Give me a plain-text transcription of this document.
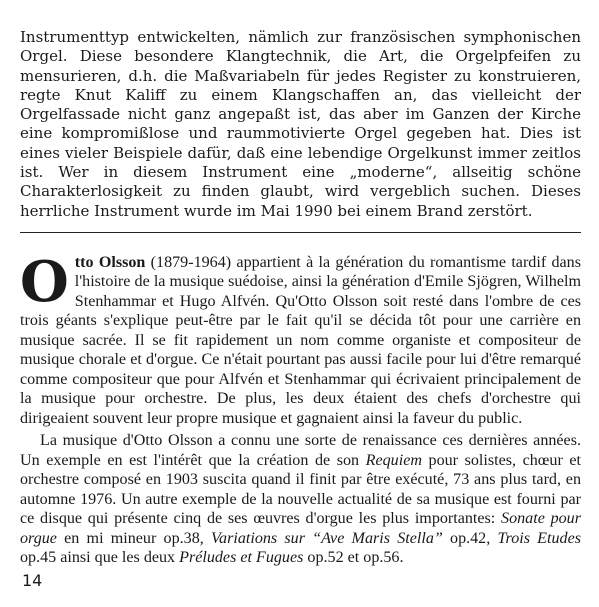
Instrumenttyp entwickelten, nämlich zur französischen symphonischen Orgel. Diese besondere Klangtechnik, die Art, die Orgelpfeifen zu mensurieren, d.h. die Maßvariabeln für jedes Register zu konstruieren, regte Knut Kaliff zu einem Klangschaffen an, das vielleicht der Orgelfassade nicht ganz angepaßt ist, das aber im Ganzen der Kirche eine kompromißlose und raummotivierte Orgel gegeben hat. Dies ist eines vieler Beispiele dafür, daß eine lebendige Orgelkunst immer zeitlos ist. Wer in diesem Instrument eine „moderne“, allseitig schöne Charakterlosigkeit zu finden glaubt, wird vergeblich suchen. Dieses herrliche Instrument wurde im Mai 1990 bei einem Brand zerstört.

Otto Olsson (1879-1964) appartient à la génération du romantisme tardif dans l'histoire de la musique suédoise, ainsi la génération d'Emile Sjögren, Wilhelm Stenhammar et Hugo Alfvén. Qu'Otto Olsson soit resté dans l'ombre de ces trois géants s'explique peut-être par le fait qu'il se décida tôt pour une carrière en musique sacrée. Il se fit rapidement un nom comme organiste et compositeur de musique chorale et d'orgue. Ce n'était pourtant pas aussi facile pour lui d'être remarqué comme compositeur que pour Alfvén et Stenhammar qui écrivaient principalement de la musique pour orchestre. De plus, les deux étaient des chefs d'orchestre qui dirigeaient souvent leur propre musique et gagnaient ainsi la faveur du public.

La musique d'Otto Olsson a connu une sorte de renaissance ces dernières années. Un exemple en est l'intérêt que la création de son Requiem pour solistes, chœur et orchestre composé en 1903 suscita quand il finit par être exécuté, 73 ans plus tard, en automne 1976. Un autre exemple de la nouvelle actualité de sa musique est fourni par ce disque qui présente cinq de ses œuvres d'orgue les plus importantes: Sonate pour orgue en mi mineur op.38, Variations sur “Ave Maris Stella” op.42, Trois Etudes op.45 ainsi que les deux Préludes et Fugues op.52 et op.56.

14
